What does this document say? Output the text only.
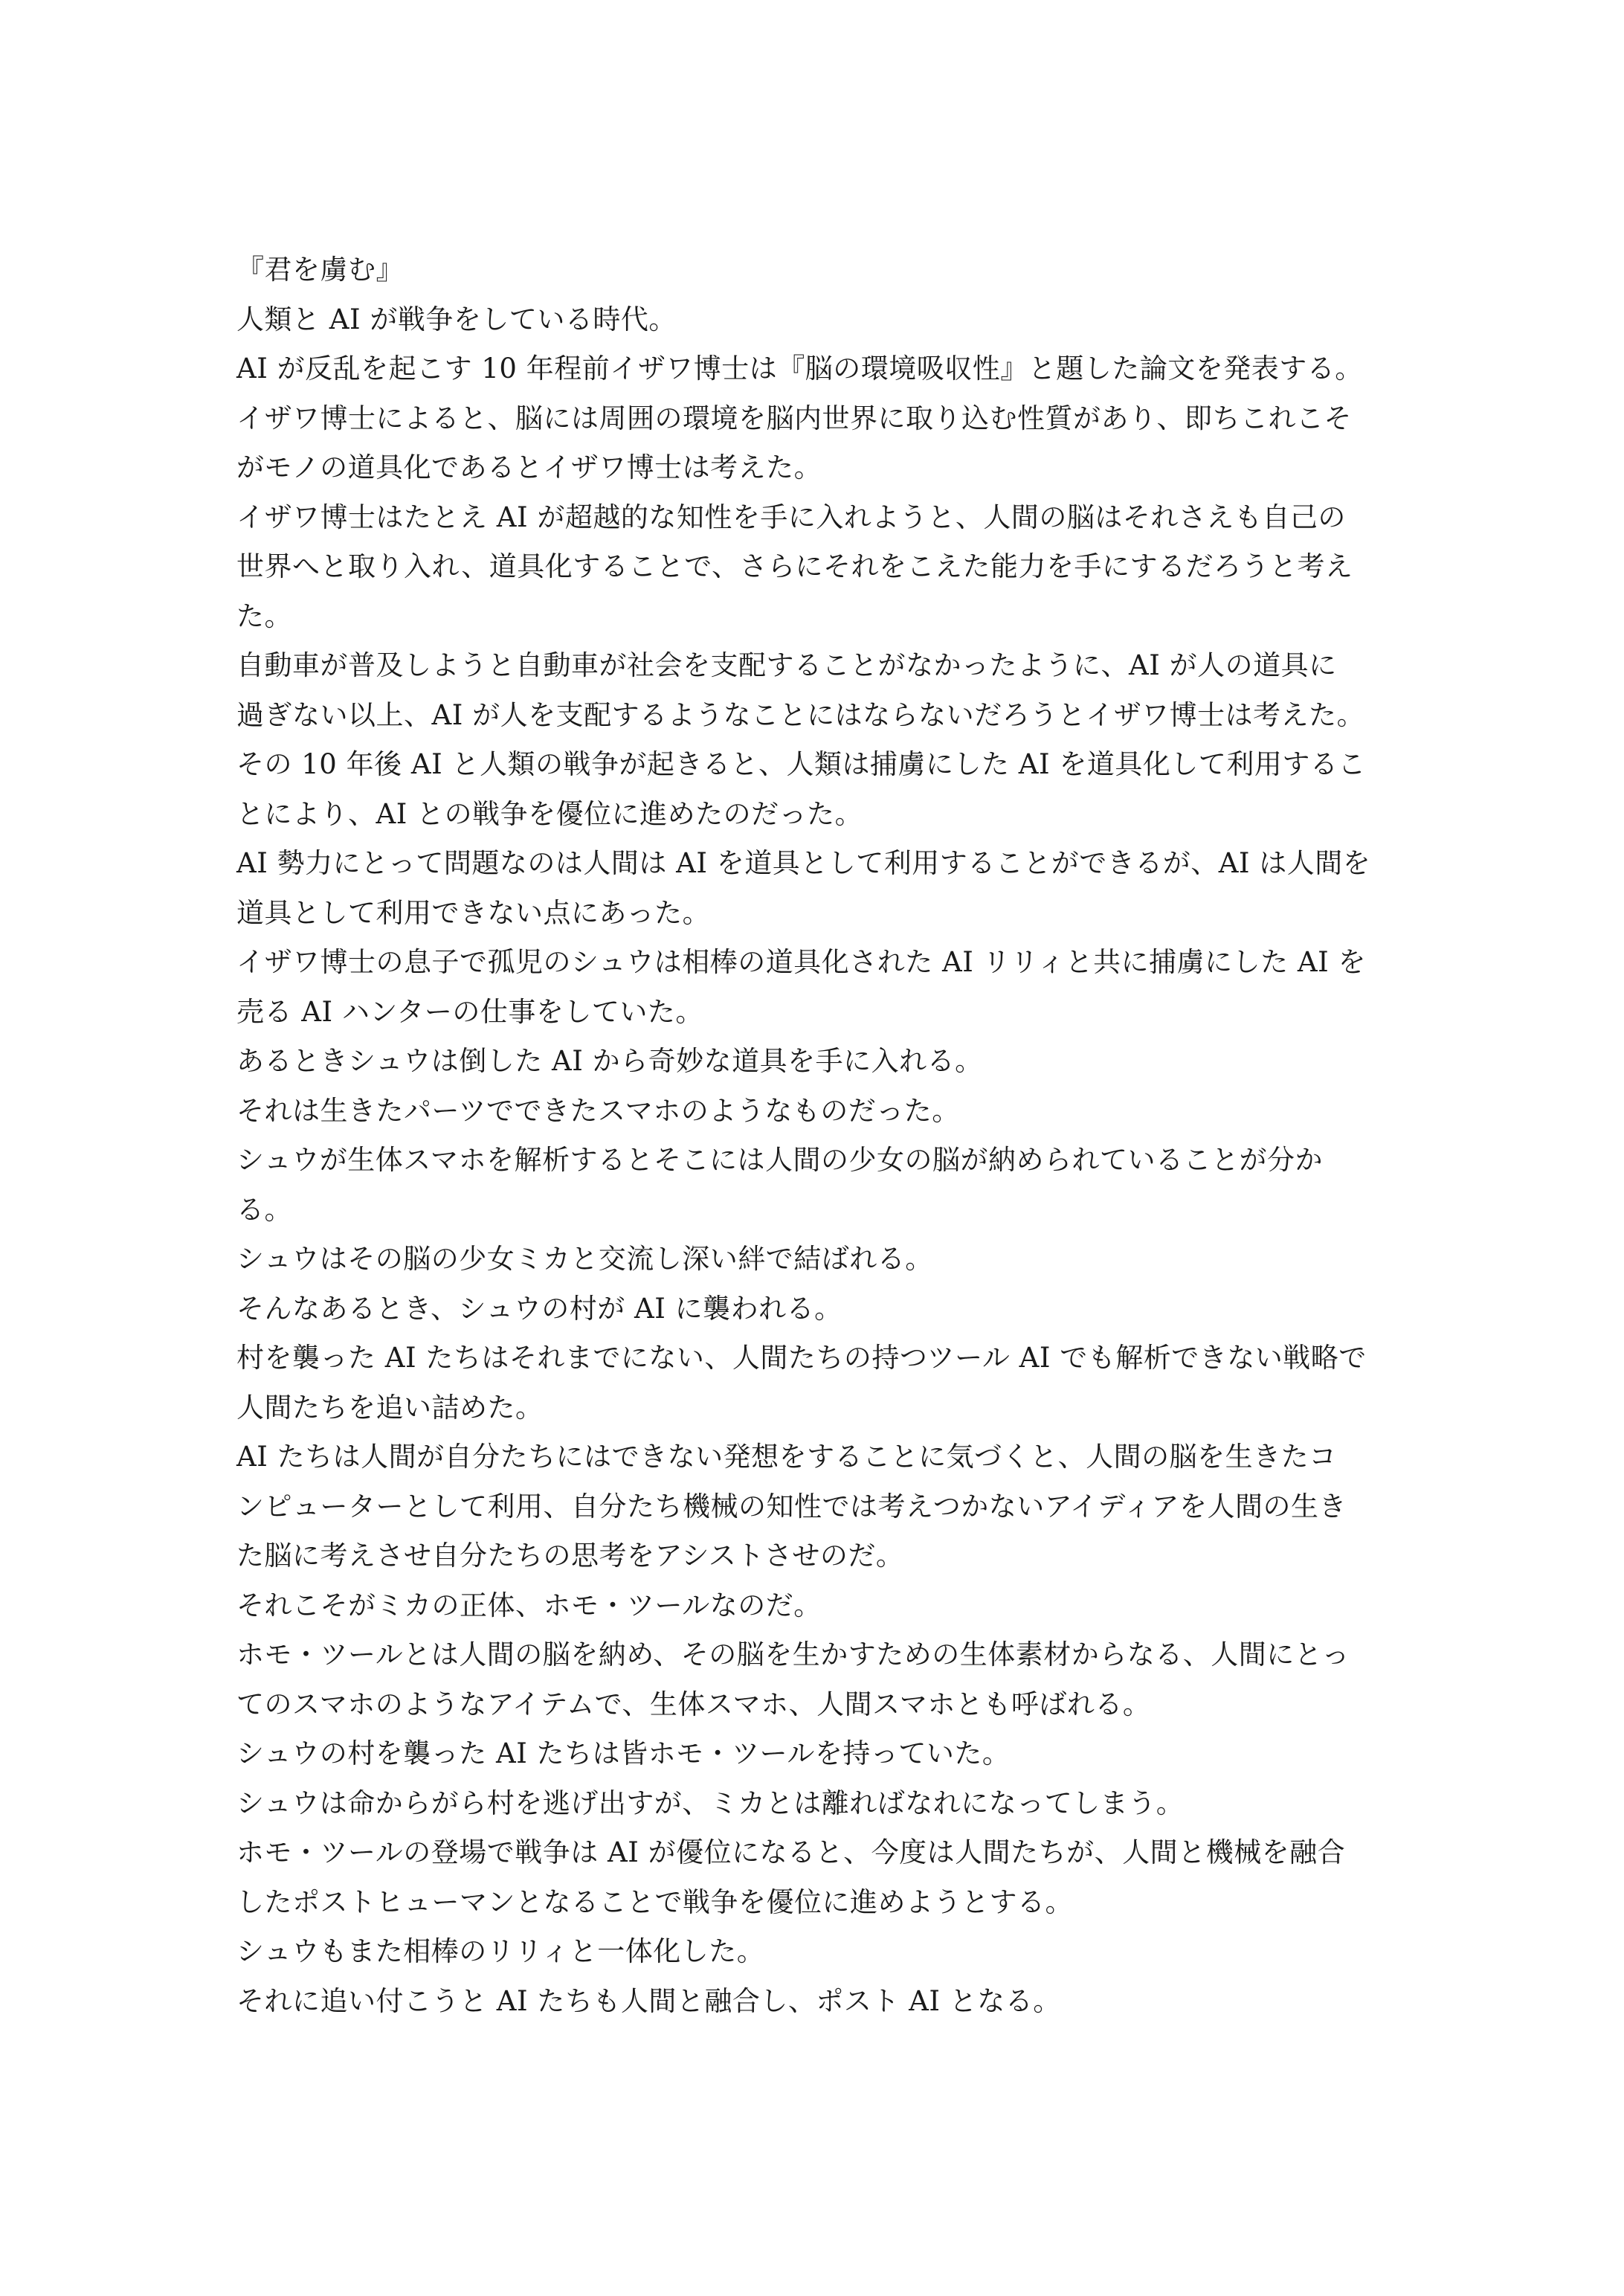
『君を虜む』

人類と AI が戦争をしている時代。

AI が反乱を起こす 10 年程前イザワ博士は『脳の環境吸収性』と題した論文を発表する。

イザワ博士によると、脳には周囲の環境を脳内世界に取り込む性質があり、即ちこれこそ

がモノの道具化であるとイザワ博士は考えた。

イザワ博士はたとえ AI が超越的な知性を手に入れようと、人間の脳はそれさえも自己の

世界へと取り入れ、道具化することで、さらにそれをこえた能力を手にするだろうと考え

た。

自動車が普及しようと自動車が社会を支配することがなかったように、AI が人の道具に

過ぎない以上、AI が人を支配するようなことにはならないだろうとイザワ博士は考えた。

その 10 年後 AI と人類の戦争が起きると、人類は捕虜にした AI を道具化して利用するこ

とにより、AI との戦争を優位に進めたのだった。

AI 勢力にとって問題なのは人間は AI を道具として利用することができるが、AI は人間を

道具として利用できない点にあった。

イザワ博士の息子で孤児のシュウは相棒の道具化された AI リリィと共に捕虜にした AI を

売る AI ハンターの仕事をしていた。

あるときシュウは倒した AI から奇妙な道具を手に入れる。

それは生きたパーツでできたスマホのようなものだった。

シュウが生体スマホを解析するとそこには人間の少女の脳が納められていることが分か

る。

シュウはその脳の少女ミカと交流し深い絆で結ばれる。

そんなあるとき、シュウの村が AI に襲われる。

村を襲った AI たちはそれまでにない、人間たちの持つツール AI でも解析できない戦略で

人間たちを追い詰めた。

AI たちは人間が自分たちにはできない発想をすることに気づくと、人間の脳を生きたコ

ンピューターとして利用、自分たち機械の知性では考えつかないアイディアを人間の生き

た脳に考えさせ自分たちの思考をアシストさせのだ。

それこそがミカの正体、ホモ・ツールなのだ。

ホモ・ツールとは人間の脳を納め、その脳を生かすための生体素材からなる、人間にとっ

てのスマホのようなアイテムで、生体スマホ、人間スマホとも呼ばれる。

シュウの村を襲った AI たちは皆ホモ・ツールを持っていた。

シュウは命からがら村を逃げ出すが、ミカとは離ればなれになってしまう。

ホモ・ツールの登場で戦争は AI が優位になると、今度は人間たちが、人間と機械を融合

したポストヒューマンとなることで戦争を優位に進めようとする。

シュウもまた相棒のリリィと一体化した。

それに追い付こうと AI たちも人間と融合し、ポスト AI となる。
